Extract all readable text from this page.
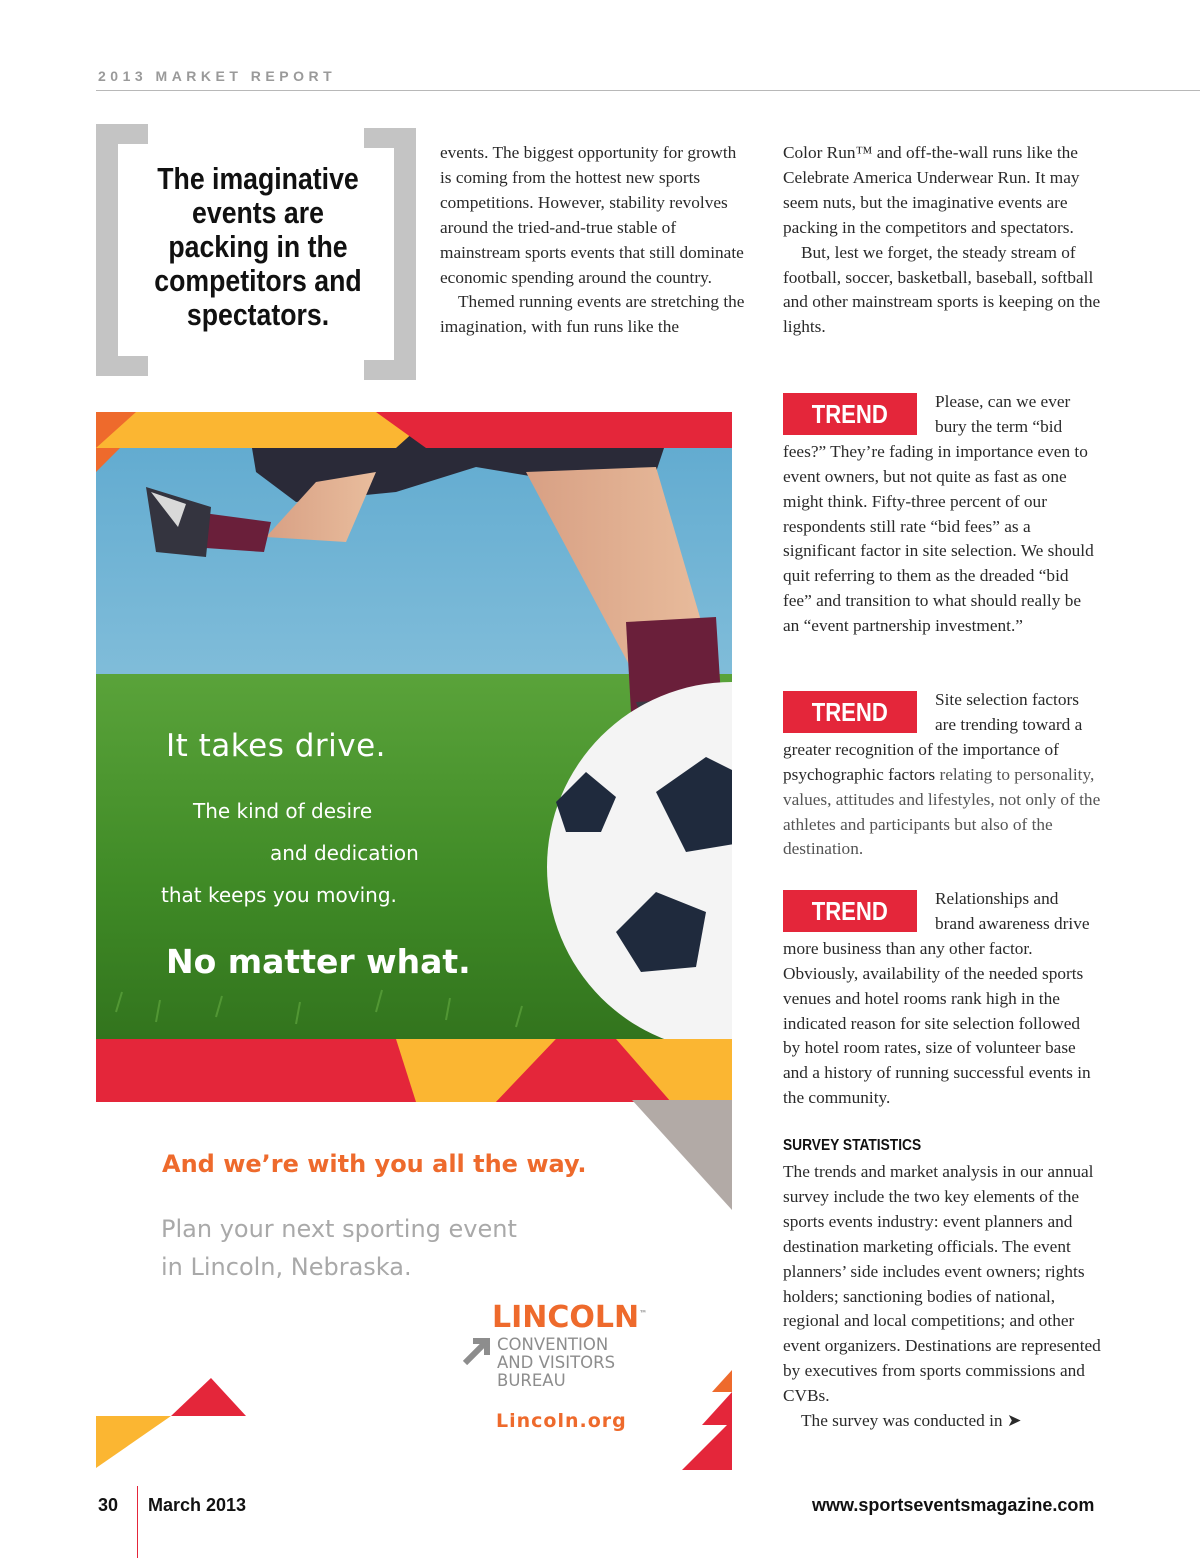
2013 MARKET REPORT
The imaginative events are packing in the competitors and spectators.

events. The biggest opportunity for growth is coming from the hottest new sports competitions. However, stability revolves around the tried-and-true stable of mainstream sports events that still dominate economic spending around the country.

Themed running events are stretching the imagination, with fun runs like the

Color Run™ and off-the-wall runs like the Celebrate America Underwear Run. It may seem nuts, but the imaginative events are packing in the competitors and spectators.

But, lest we forget, the steady stream of football, soccer, basketball, baseball, softball and other mainstream sports is keeping on the lights.

TREND	Please, can we ever bury the term “bid fees?” They’re fading in importance even to event owners, but not quite as fast as one might think. Fifty-three percent of our respondents still rate “bid fees” as a significant factor in site selection. We should quit referring to them as the dreaded “bid fee” and transition to what should really be an “event partnership investment.”

TREND	Site selection factors are trending toward a greater recognition of the importance of psychographic factors relating to personality, values, attitudes and lifestyles, not only of the athletes and participants but also of the destination.

TREND	Relationships and brand awareness drive more business than any other factor. Obviously, availability of the needed sports venues and hotel rooms rank high in the indicated reason for site selection followed by hotel room rates, size of volunteer base and a history of running successful events in the community.

SURVEY STATISTICS

The trends and market analysis in our annual survey include the two key elements of the sports events industry: event planners and destination marketing officials. The event planners’ side includes event owners; rights holders; sanctioning bodies of national, regional and local competitions; and other event organizers. Destinations are represented by executives from sports commissions and CVBs.

The survey was conducted in ➤

It takes drive.
The kind of desire
and dedication
that keeps you moving.
No matter what.
And we’re with you all the way.
Plan your next sporting event
in Lincoln, Nebraska.
LINCOLN™
CONVENTION
AND VISITORS
BUREAU
Lincoln.org
30 March 2013	www.sportseventsmagazine.com
